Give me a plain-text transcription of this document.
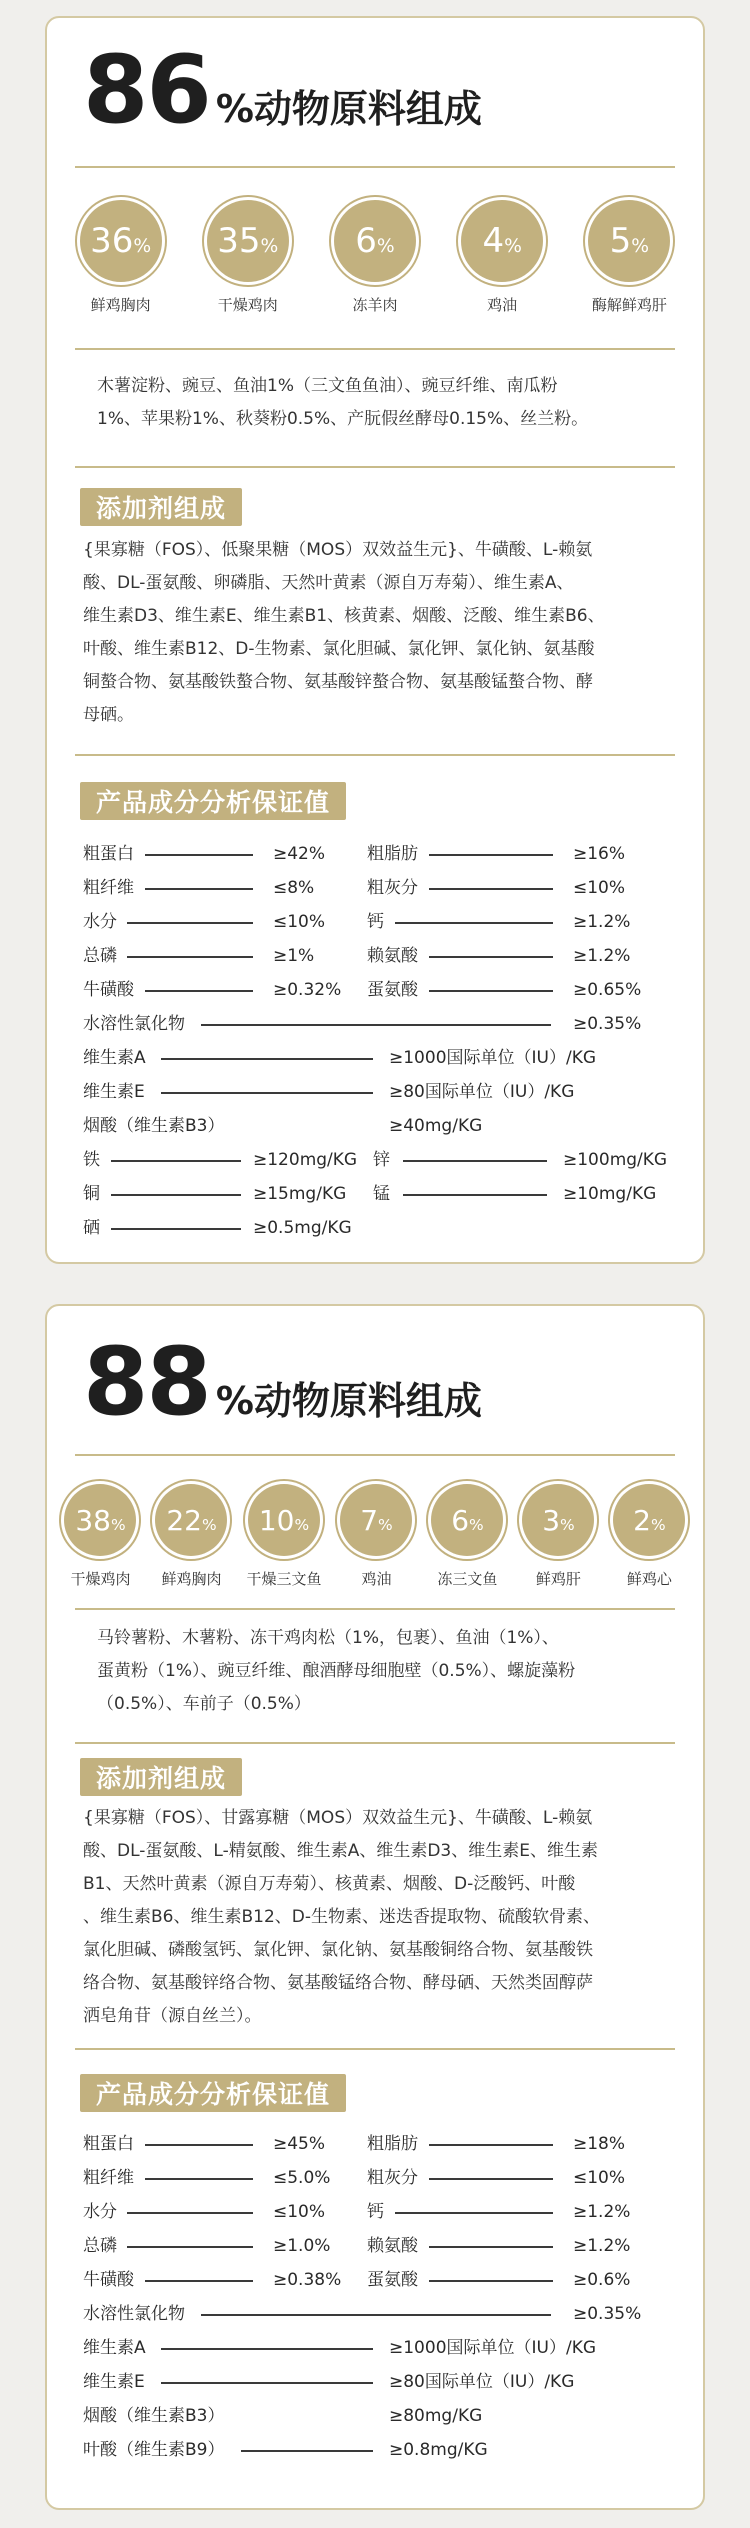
86 %动物原料组成
36%
鲜鸡胸肉
35%
干燥鸡肉
6%
冻羊肉
4%
鸡油
5%
酶解鲜鸡肝
木薯淀粉、豌豆、鱼油1%（三文鱼鱼油）、豌豆纤维、南瓜粉
1%、苹果粉1%、秋葵粉0.5%、产朊假丝酵母0.15%、丝兰粉。
添加剂组成
{果寡糖（FOS）、低聚果糖（MOS）双效益生元}、牛磺酸、L-赖氨
酸、DL-蛋氨酸、卵磷脂、天然叶黄素（源自万寿菊）、维生素A、
维生素D3、维生素E、维生素B1、核黄素、烟酸、泛酸、维生素B6、
叶酸、维生素B12、D-生物素、氯化胆碱、氯化钾、氯化钠、氨基酸
铜螯合物、氨基酸铁螯合物、氨基酸锌螯合物、氨基酸锰螯合物、酵
母硒。
产品成分分析保证值
粗蛋白	≥42% 粗脂肪	≥16%
粗纤维	≤8%	粗灰分	≤10%
水分	≤10% 钙	≥1.2%
总磷	≥1%	赖氨酸	≥1.2%
牛磺酸	≥0.32% 蛋氨酸	≥0.65%
水溶性氯化物	≥0.35%
维生素A	≥1000国际单位（IU）/KG
维生素E	≥80国际单位（IU）/KG
烟酸（维生素B3）	≥40mg/KG
铁	≥120mg/KG 锌	≥100mg/KG
铜	≥15mg/KG 锰	≥10mg/KG
硒	≥0.5mg/KG
88 %动物原料组成
38%
干燥鸡肉
22%
鲜鸡胸肉
10%
干燥三文鱼
7%
鸡油
6%
冻三文鱼
3%
鲜鸡肝
2%
鲜鸡心
马铃薯粉、木薯粉、冻干鸡肉松（1%，包裹）、鱼油（1%）、
蛋黄粉（1%）、豌豆纤维、酿酒酵母细胞壁（0.5%）、螺旋藻粉
（0.5%）、车前子（0.5%）
添加剂组成
{果寡糖（FOS）、甘露寡糖（MOS）双效益生元}、牛磺酸、L-赖氨
酸、DL-蛋氨酸、L-精氨酸、维生素A、维生素D3、维生素E、维生素
B1、天然叶黄素（源自万寿菊）、核黄素、烟酸、D-泛酸钙、叶酸
、维生素B6、维生素B12、D-生物素、迷迭香提取物、硫酸软骨素、
氯化胆碱、磷酸氢钙、氯化钾、氯化钠、氨基酸铜络合物、氨基酸铁
络合物、氨基酸锌络合物、氨基酸锰络合物、酵母硒、天然类固醇萨
洒皂角苷（源自丝兰）。
产品成分分析保证值
粗蛋白	≥45% 粗脂肪	≥18%
粗纤维	≤5.0% 粗灰分	≤10%
水分	≤10% 钙	≥1.2%
总磷	≥1.0% 赖氨酸	≥1.2%
牛磺酸	≥0.38% 蛋氨酸	≥0.6%
水溶性氯化物	≥0.35%
维生素A	≥1000国际单位（IU）/KG
维生素E	≥80国际单位（IU）/KG
烟酸（维生素B3）	≥80mg/KG
叶酸（维生素B9）	≥0.8mg/KG
